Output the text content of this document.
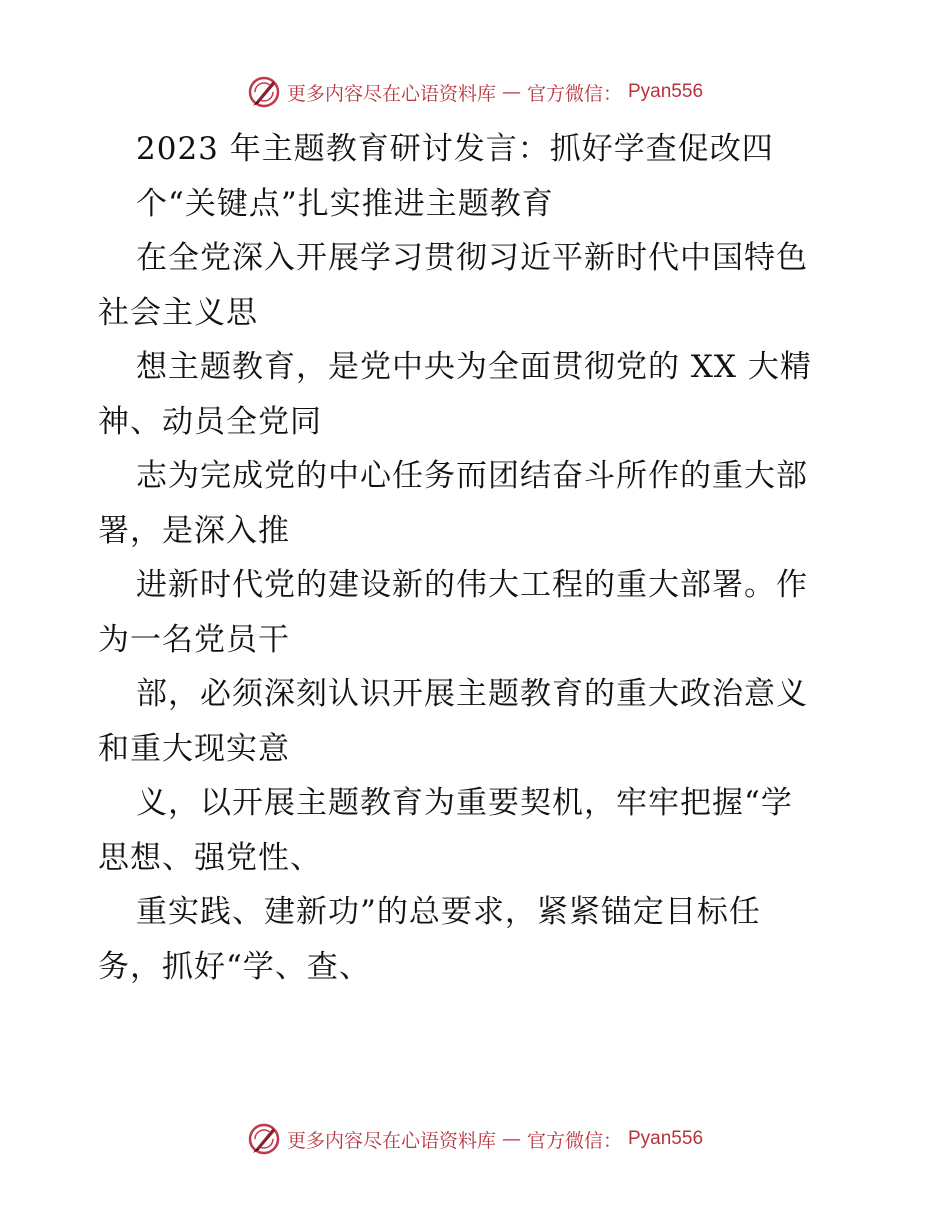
更多内容尽在心语资料库 — 官方微信： Pyan556
2023 年主题教育研讨发言：抓好学查促改四
个“关键点”扎实推进主题教育
在全党深入开展学习贯彻习近平新时代中国特色
社会主义思
想主题教育，是党中央为全面贯彻党的 XX 大精
神、动员全党同
志为完成党的中心任务而团结奋斗所作的重大部
署，是深入推
进新时代党的建设新的伟大工程的重大部署。作
为一名党员干
部，必须深刻认识开展主题教育的重大政治意义
和重大现实意
义，以开展主题教育为重要契机，牢牢把握“学
思想、强党性、
重实践、建新功”的总要求，紧紧锚定目标任
务，抓好“学、查、
更多内容尽在心语资料库 — 官方微信： Pyan556
